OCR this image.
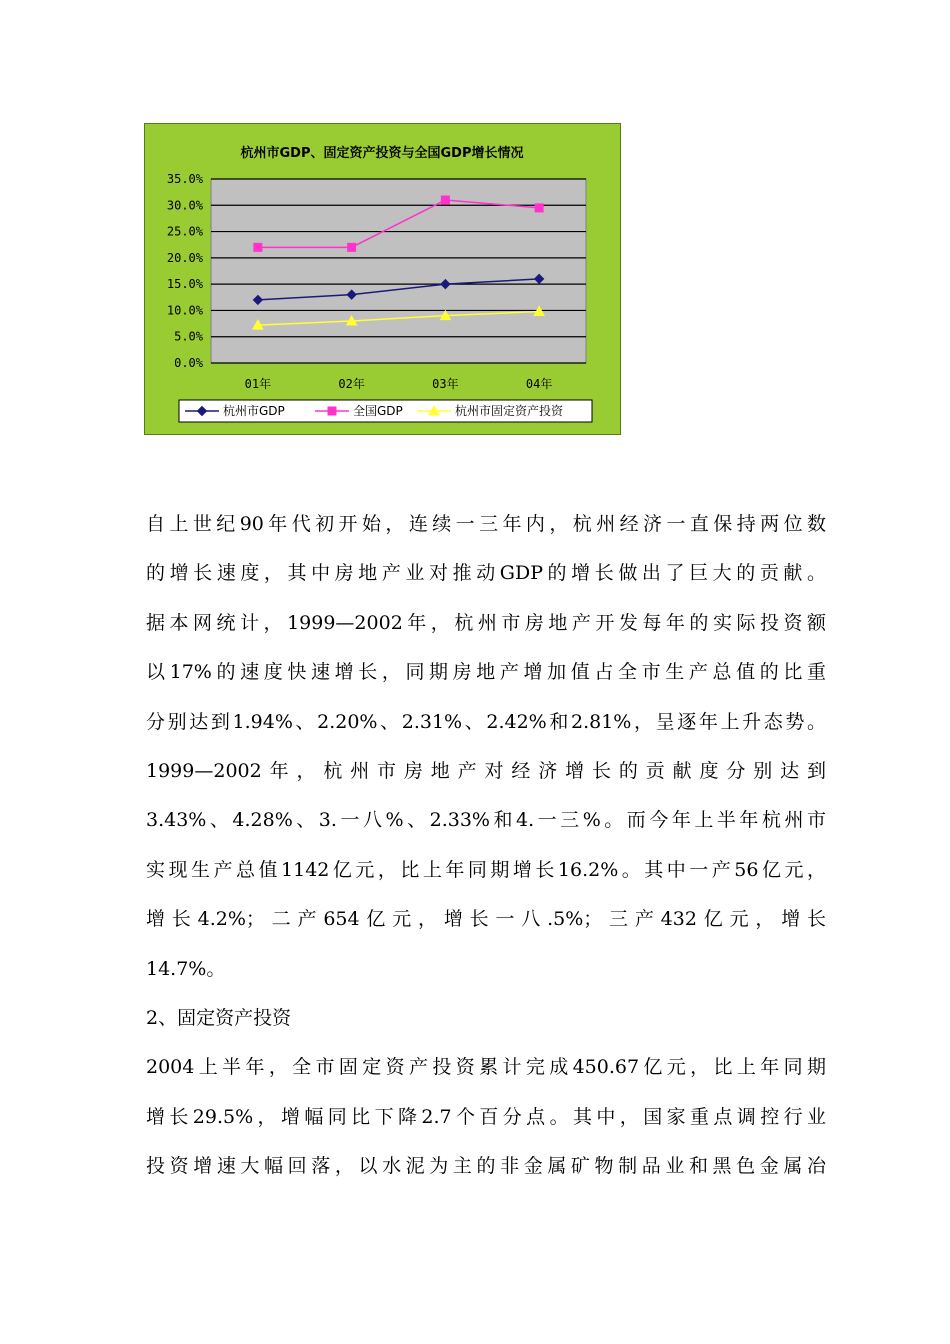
杭州市GDP、固定资产投资与全国GDP增长情况
0.0%
5.0%
10.0%
15.0%
20.0%
25.0%
30.0%
35.0%
01年	02年	03年	04年
杭州市GDP	全国GDP	杭州市固定资产投资

自上世纪90年代初开始，连续一三年内，杭州经济一直保持两位数

的增长速度，其中房地产业对推动GDP的增长做出了巨大的贡献。

据本网统计，1999—2002年，杭州市房地产开发每年的实际投资额

以17%的速度快速增长，同期房地产增加值占全市生产总值的比重

分别达到1.94%、2.20%、2.31%、2.42%和2.81%，呈逐年上升态势。

1999—2002年，杭州市房地产对经济增长的贡献度分别达到

3.43%、4.28%、3.一八%、2.33%和4.一三%。而今年上半年杭州市

实现生产总值1142亿元，比上年同期增长16.2%。其中一产56亿元，

增长4.2%；二产654亿元，增长一八.5%；三产432亿元，增长

14.7%。

2、固定资产投资

2004上半年，全市固定资产投资累计完成450.67亿元，比上年同期

增长29.5%，增幅同比下降2.7个百分点。其中，国家重点调控行业

投资增速大幅回落，以水泥为主的非金属矿物制品业和黑色金属冶
